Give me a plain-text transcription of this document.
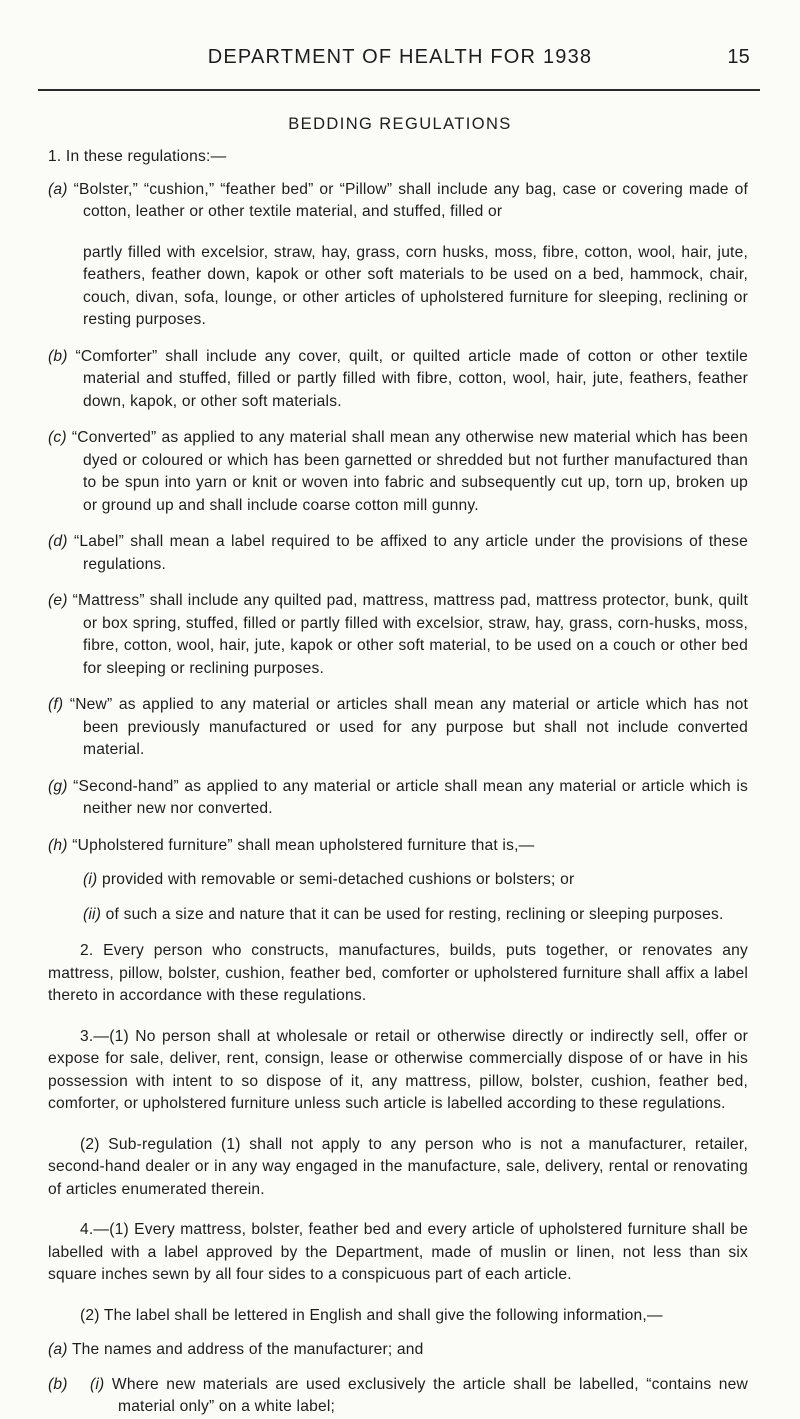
DEPARTMENT OF HEALTH FOR 1938	15
BEDDING REGULATIONS

1. In these regulations:—

(a) “Bolster,” “cushion,” “feather bed” or “Pillow” shall include any bag, case or covering made of cotton, leather or other textile material, and stuffed, filled or

partly filled with excelsior, straw, hay, grass, corn husks, moss, fibre, cotton, wool, hair, jute, feathers, feather down, kapok or other soft materials to be used on a bed, hammock, chair, couch, divan, sofa, lounge, or other articles of upholstered furniture for sleeping, reclining or resting purposes.

(b) “Comforter” shall include any cover, quilt, or quilted article made of cotton or other textile material and stuffed, filled or partly filled with fibre, cotton, wool, hair, jute, feathers, feather down, kapok, or other soft materials.

(c) “Converted” as applied to any material shall mean any otherwise new material which has been dyed or coloured or which has been garnetted or shredded but not further manufactured than to be spun into yarn or knit or woven into fabric and subsequently cut up, torn up, broken up or ground up and shall include coarse cotton mill gunny.

(d) “Label” shall mean a label required to be affixed to any article under the provisions of these regulations.

(e) “Mattress” shall include any quilted pad, mattress, mattress pad, mattress protector, bunk, quilt or box spring, stuffed, filled or partly filled with excelsior, straw, hay, grass, corn-husks, moss, fibre, cotton, wool, hair, jute, kapok or other soft material, to be used on a couch or other bed for sleeping or reclining purposes.

(f) “New” as applied to any material or articles shall mean any material or article which has not been previously manufactured or used for any purpose but shall not include converted material.

(g) “Second-hand” as applied to any material or article shall mean any material or article which is neither new nor converted.

(h) “Upholstered furniture” shall mean upholstered furniture that is,—

(i) provided with removable or semi-detached cushions or bolsters; or

(ii) of such a size and nature that it can be used for resting, reclining or sleeping purposes.

2. Every person who constructs, manufactures, builds, puts together, or renovates any mattress, pillow, bolster, cushion, feather bed, comforter or upholstered furniture shall affix a label thereto in accordance with these regulations.

3.—(1) No person shall at wholesale or retail or otherwise directly or indirectly sell, offer or expose for sale, deliver, rent, consign, lease or otherwise commercially dispose of or have in his possession with intent to so dispose of it, any mattress, pillow, bolster, cushion, feather bed, comforter, or upholstered furniture unless such article is labelled according to these regulations.

(2) Sub-regulation (1) shall not apply to any person who is not a manufacturer, retailer, second-hand dealer or in any way engaged in the manufacture, sale, delivery, rental or renovating of articles enumerated therein.

4.—(1) Every mattress, bolster, feather bed and every article of upholstered furniture shall be labelled with a label approved by the Department, made of muslin or linen, not less than six square inches sewn by all four sides to a conspicuous part of each article.

(2) The label shall be lettered in English and shall give the following information,—

(a) The names and address of the manufacturer; and

(b) (i) Where new materials are used exclusively the article shall be labelled, “contains new material only” on a white label;
